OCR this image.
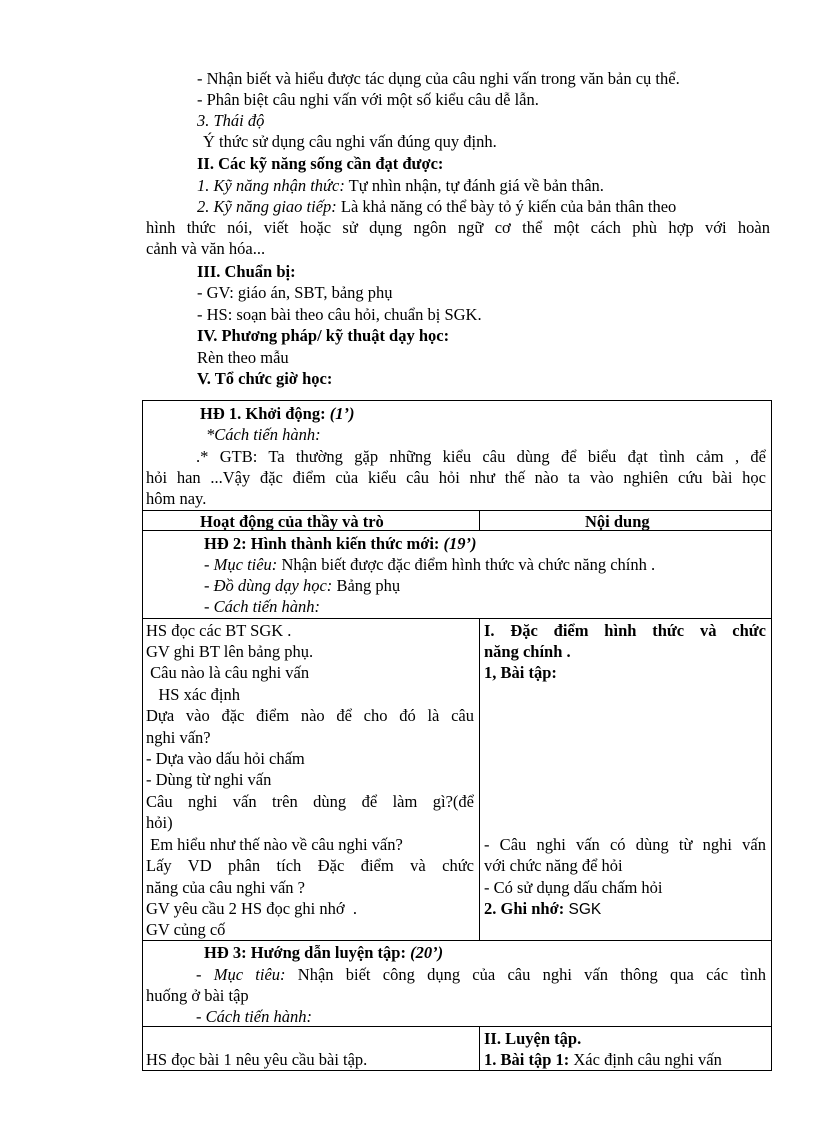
- Nhận biết và hiểu được tác dụng của câu nghi vấn trong văn bản cụ thể.
- Phân biệt câu nghi vấn với một số kiểu câu dễ lẫn.
3. Thái độ
Ý thức sử dụng câu nghi vấn đúng quy định.
II. Các kỹ năng sống cần đạt được:
1. Kỹ năng nhận thức: Tự nhìn nhận, tự đánh giá về bản thân.
2. Kỹ năng giao tiếp: Là khả năng có thể bày tỏ ý kiến của bản thân theo
hình thức nói, viết hoặc sử dụng ngôn ngữ cơ thể một cách phù hợp với hoàn
cảnh và văn hóa...
III. Chuẩn bị:
- GV: giáo án, SBT, bảng phụ
- HS: soạn bài theo câu hỏi, chuẩn bị SGK.
IV. Phương pháp/ kỹ thuật dạy học:
Rèn theo mẫu
V. Tổ chức giờ học:
HĐ 1. Khởi động: (1’)
*Cách tiến hành:
.* GTB: Ta thường gặp những kiểu câu dùng để biểu đạt tình cảm , để
hỏi han ...Vậy đặc điểm của kiểu câu hỏi như thế nào ta vào nghiên cứu bài học
hôm nay.
Hoạt động của thầy và trò	Nội dung
HĐ 2: Hình thành kiến thức mới: (19’)
- Mục tiêu: Nhận biết được đặc điểm hình thức và chức năng chính .
- Đồ dùng dạy học: Bảng phụ
- Cách tiến hành:
HS đọc các BT SGK .
GV ghi BT lên bảng phụ.
Câu nào là câu nghi vấn
HS xác định
Dựa vào đặc điểm nào để cho đó là câu
nghi vấn?
- Dựa vào dấu hỏi chấm
- Dùng từ nghi vấn
Câu nghi vấn trên dùng để làm gì?(để
hỏi)
Em hiểu như thế nào về câu nghi vấn?
Lấy VD phân tích Đặc điểm và chức
năng của câu nghi vấn ?
GV yêu cầu 2 HS đọc ghi nhớ  .
GV củng cố
I. Đặc điểm hình thức và chức
năng chính .
1, Bài tập:
- Câu nghi vấn có dùng từ nghi vấn
với chức năng để hỏi
- Có sử dụng dấu chấm hỏi
2. Ghi nhớ: SGK
HĐ 3: Hướng dẫn luyện tập: (20’)
- Mục tiêu: Nhận biết công dụng của câu nghi vấn thông qua các tình
huống ở bài tập
- Cách tiến hành:
II. Luyện tập.
HS đọc bài 1 nêu yêu cầu bài tập.	1. Bài tập 1: Xác định câu nghi vấn
